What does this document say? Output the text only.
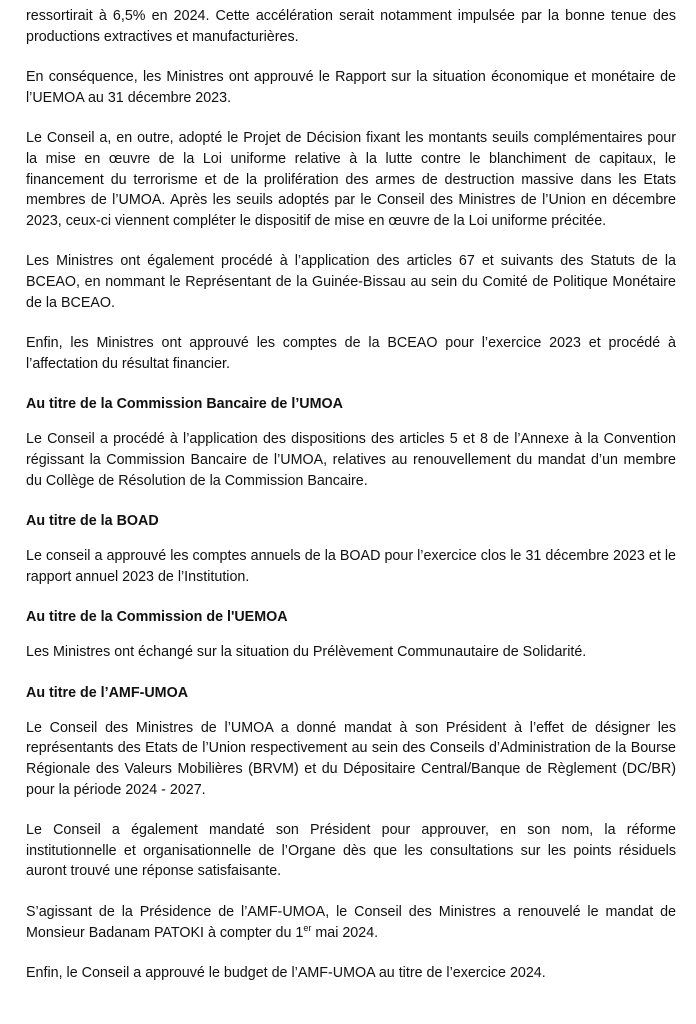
ressortirait à 6,5% en 2024. Cette accélération serait notamment impulsée par la bonne tenue des productions extractives et manufacturières.

En conséquence, les Ministres ont approuvé le Rapport sur la situation économique et monétaire de l’UEMOA au 31 décembre 2023.

Le Conseil a, en outre, adopté le Projet de Décision fixant les montants seuils complémentaires pour la mise en œuvre de la Loi uniforme relative à la lutte contre le blanchiment de capitaux, le financement du terrorisme et de la prolifération des armes de destruction massive dans les Etats membres de l’UMOA. Après les seuils adoptés par le Conseil des Ministres de l’Union en décembre 2023, ceux-ci viennent compléter le dispositif de mise en œuvre de la Loi uniforme précitée.

Les Ministres ont également procédé à l’application des articles 67 et suivants des Statuts de la BCEAO, en nommant le Représentant de la Guinée-Bissau au sein du Comité de Politique Monétaire de la BCEAO.

Enfin, les Ministres ont approuvé les comptes de la BCEAO pour l’exercice 2023 et procédé à l’affectation du résultat financier.

Au titre de la Commission Bancaire de l’UMOA

Le Conseil a procédé à l’application des dispositions des articles 5 et 8 de l’Annexe à la Convention régissant la Commission Bancaire de l’UMOA, relatives au renouvellement du mandat d’un membre du Collège de Résolution de la Commission Bancaire.

Au titre de la BOAD

Le conseil a approuvé les comptes annuels de la BOAD pour l’exercice clos le 31 décembre 2023 et le rapport annuel 2023 de l’Institution.

Au titre de la Commission de l'UEMOA

Les Ministres ont échangé sur la situation du Prélèvement Communautaire de Solidarité.

Au titre de l’AMF-UMOA

Le Conseil des Ministres de l’UMOA a donné mandat à son Président à l’effet de désigner les représentants des Etats de l’Union respectivement au sein des Conseils d’Administration de la Bourse Régionale des Valeurs Mobilières (BRVM) et du Dépositaire Central/Banque de Règlement (DC/BR) pour la période 2024 - 2027.

Le Conseil a également mandaté son Président pour approuver, en son nom, la réforme institutionnelle et organisationnelle de l’Organe dès que les consultations sur les points résiduels auront trouvé une réponse satisfaisante.

S’agissant de la Présidence de l’AMF-UMOA, le Conseil des Ministres a renouvelé le mandat de Monsieur Badanam PATOKI à compter du 1er mai 2024.

Enfin, le Conseil a approuvé le budget de l’AMF-UMOA au titre de l’exercice 2024.
